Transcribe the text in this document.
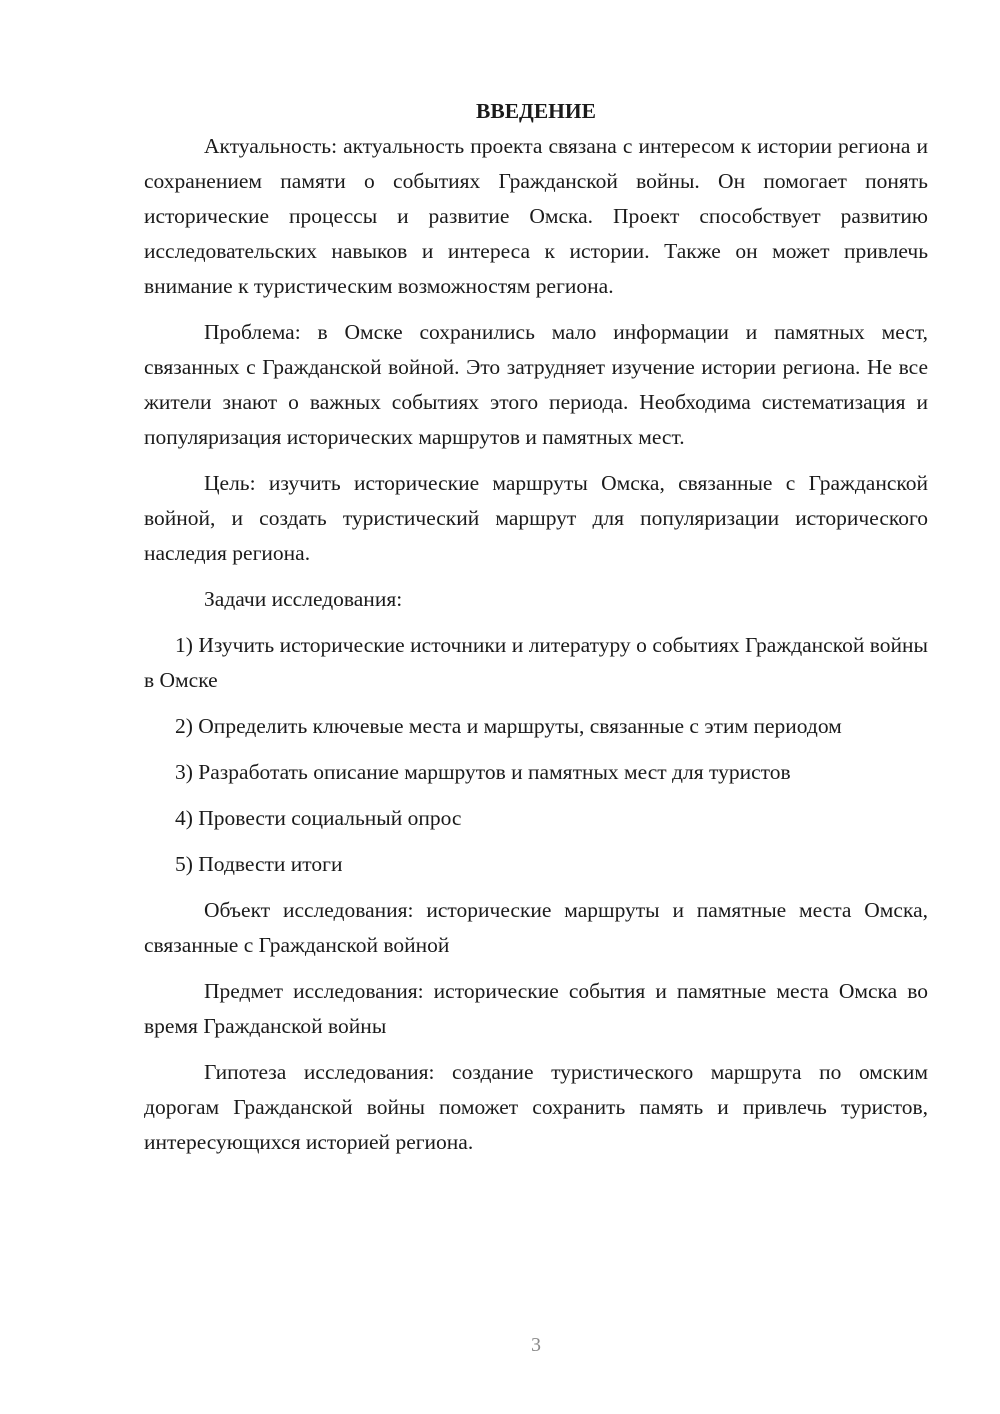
ВВЕДЕНИЕ

Актуальность: актуальность проекта связана с интересом к истории региона и сохранением памяти о событиях Гражданской войны. Он помогает понять исторические процессы и развитие Омска. Проект способствует развитию исследовательских навыков и интереса к истории. Также он может привлечь внимание к туристическим возможностям региона.

Проблема: в Омске сохранились мало информации и памятных мест, связанных с Гражданской войной. Это затрудняет изучение истории региона. Не все жители знают о важных событиях этого периода. Необходима систематизация и популяризация исторических маршрутов и памятных мест.

Цель: изучить исторические маршруты Омска, связанные с Гражданской войной, и создать туристический маршрут для популяризации исторического наследия региона.

Задачи исследования:

1) Изучить исторические источники и литературу о событиях Гражданской войны в Омске

2) Определить ключевые места и маршруты, связанные с этим периодом

3) Разработать описание маршрутов и памятных мест для туристов

4) Провести социальный опрос

5) Подвести итоги

Объект исследования: исторические маршруты и памятные места Омска, связанные с Гражданской войной

Предмет исследования: исторические события и памятные места Омска во время Гражданской войны

Гипотеза исследования: создание туристического маршрута по омским дорогам Гражданской войны поможет сохранить память и привлечь туристов, интересующихся историей региона.

3
